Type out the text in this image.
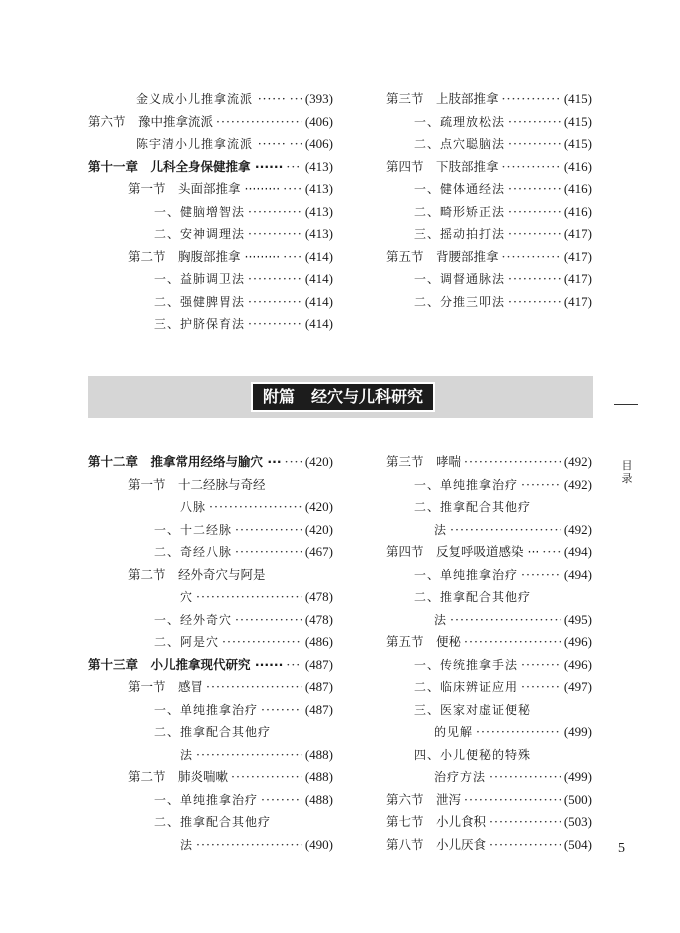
金义成小儿推拿流派 ······ ····· (393)
第六节　豫中推拿流派 ·····	(406)
陈宇清小儿推拿流派 ······ ····· (406)
第十一章　儿科全身保健推拿 ······ ····· (413)
第一节　头面部推拿 ········· ····· (413)
一、健脑增智法 ·····	(413)
二、安神调理法 ·····	(413)
第二节　胸腹部推拿 ········· ····· (414)
一、益肺调卫法 ·····	(414)
二、强健脾胃法 ·····	(414)
三、护脐保育法 ·····	(414)
第三节　上肢部推拿 ·····	(415)
一、疏理放松法 ·····	(415)
二、点穴聪脑法 ·····	(415)
第四节　下肢部推拿 ·····	(416)
一、健体通经法 ·····	(416)
二、畸形矫正法 ·····	(416)
三、摇动拍打法 ·····	(417)
第五节　背腰部推拿 ·····	(417)
一、调督通脉法 ·····	(417)
二、分推三叩法 ·····	(417)
附篇　经穴与儿科研究
第十二章　推拿常用经络与腧穴 ··· ····· (420)
第一节　十二经脉与奇经
八脉 ·····	(420)
一、十二经脉 ·····	(420)
二、奇经八脉 ·····	(467)
第二节　经外奇穴与阿是
穴 ·····	(478)
一、经外奇穴 ·····	(478)
二、阿是穴 ·····	(486)
第十三章　小儿推拿现代研究 ······ ····· (487)
第一节　感冒 ·····	(487)
一、单纯推拿治疗 ·····	(487)
二、推拿配合其他疗
法 ·····	(488)
第二节　肺炎喘嗽 ·····	(488)
一、单纯推拿治疗 ·····	(488)
二、推拿配合其他疗
法 ·····	(490)
第三节　哮喘 ·····	(492)
一、单纯推拿治疗 ·····	(492)
二、推拿配合其他疗
法 ·····	(492)
第四节　反复呼吸道感染 ··· ····· (494)
一、单纯推拿治疗 ·····	(494)
二、推拿配合其他疗
法 ·····	(495)
第五节　便秘 ·····	(496)
一、传统推拿手法 ·····	(496)
二、临床辨证应用 ·····	(497)
三、医家对虚证便秘
的见解 ·····	(499)
四、小儿便秘的特殊
治疗方法 ·····	(499)
第六节　泄泻 ·····	(500)
第七节　小儿食积 ·····	(503)
第八节　小儿厌食 ·····	(504)
目录
5
